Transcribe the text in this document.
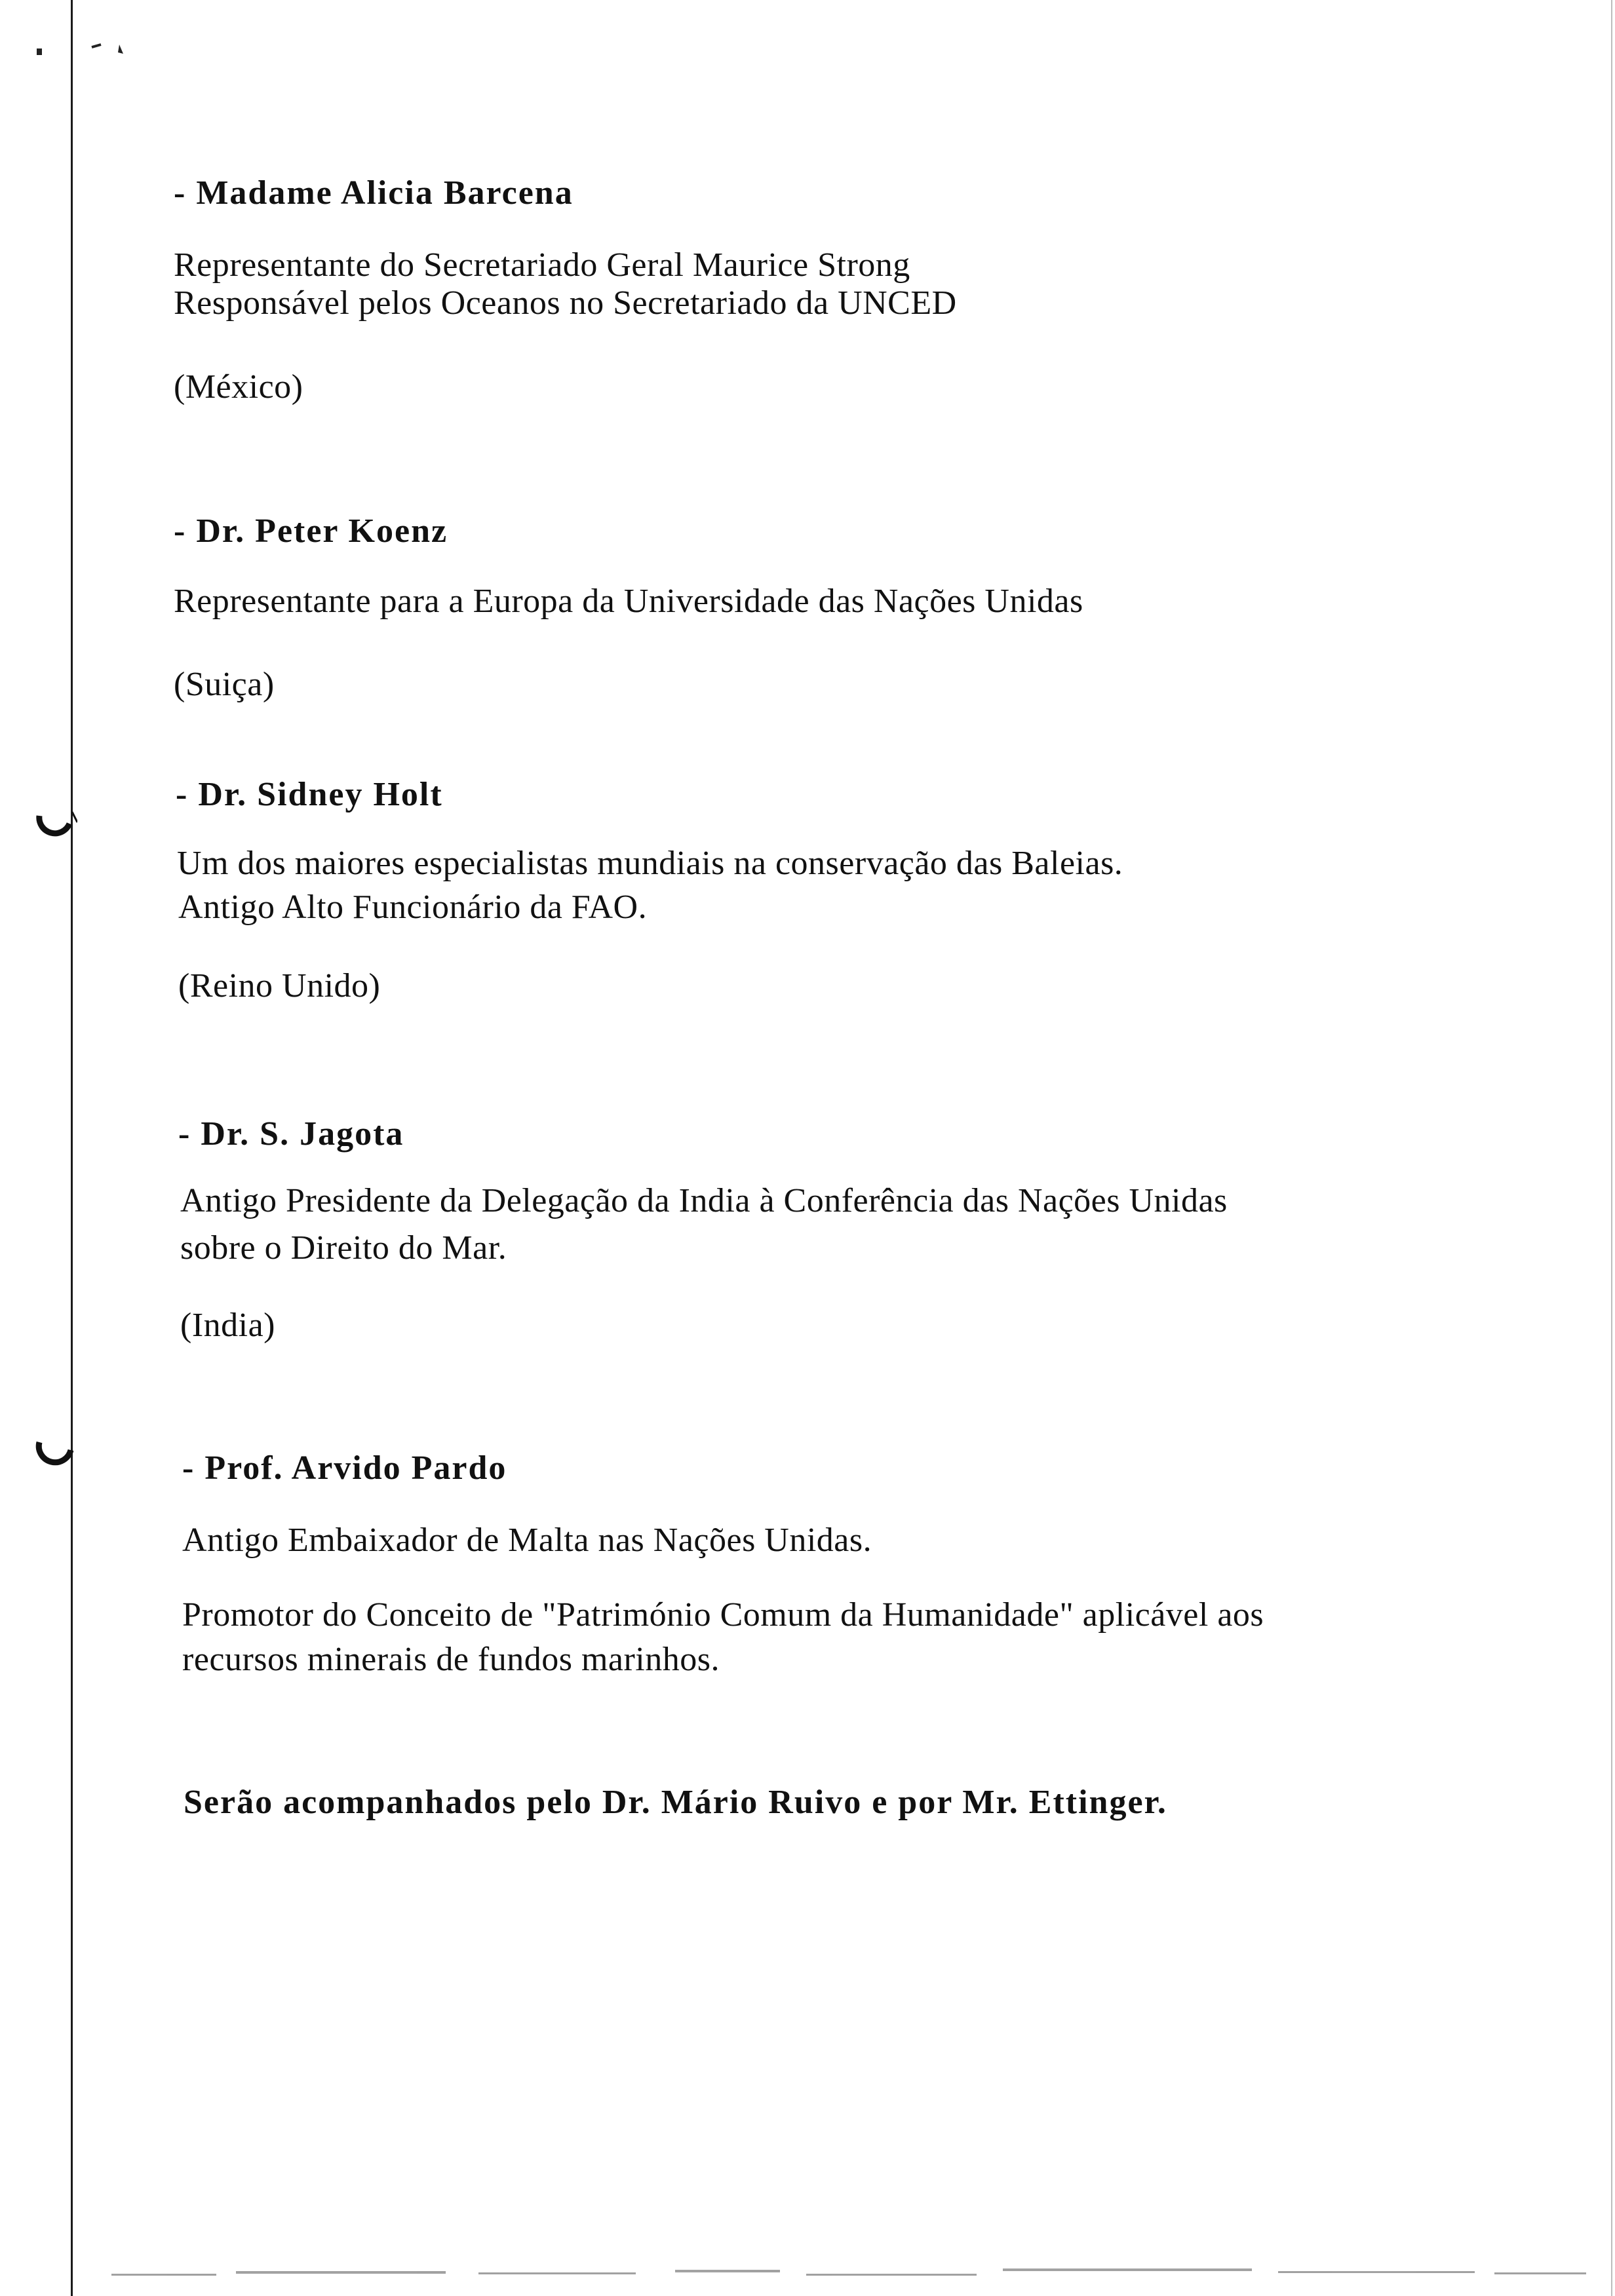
- Madame Alicia Barcena
Representante do Secretariado Geral Maurice Strong
Responsável pelos Oceanos no Secretariado da UNCED
(México)
- Dr. Peter Koenz
Representante para a Europa da Universidade das Nações Unidas
(Suiça)
- Dr. Sidney Holt
Um dos maiores especialistas mundiais na conservação das Baleias.
Antigo Alto Funcionário da FAO.
(Reino Unido)
- Dr. S. Jagota
Antigo Presidente da Delegação da India à Conferência das Nações Unidas
sobre o Direito do Mar.
(India)
- Prof. Arvido Pardo
Antigo Embaixador de Malta nas Nações Unidas.
Promotor do Conceito de "Património Comum da Humanidade" aplicável aos
recursos minerais de fundos marinhos.
Serão acompanhados pelo Dr. Mário Ruivo e por Mr. Ettinger.
